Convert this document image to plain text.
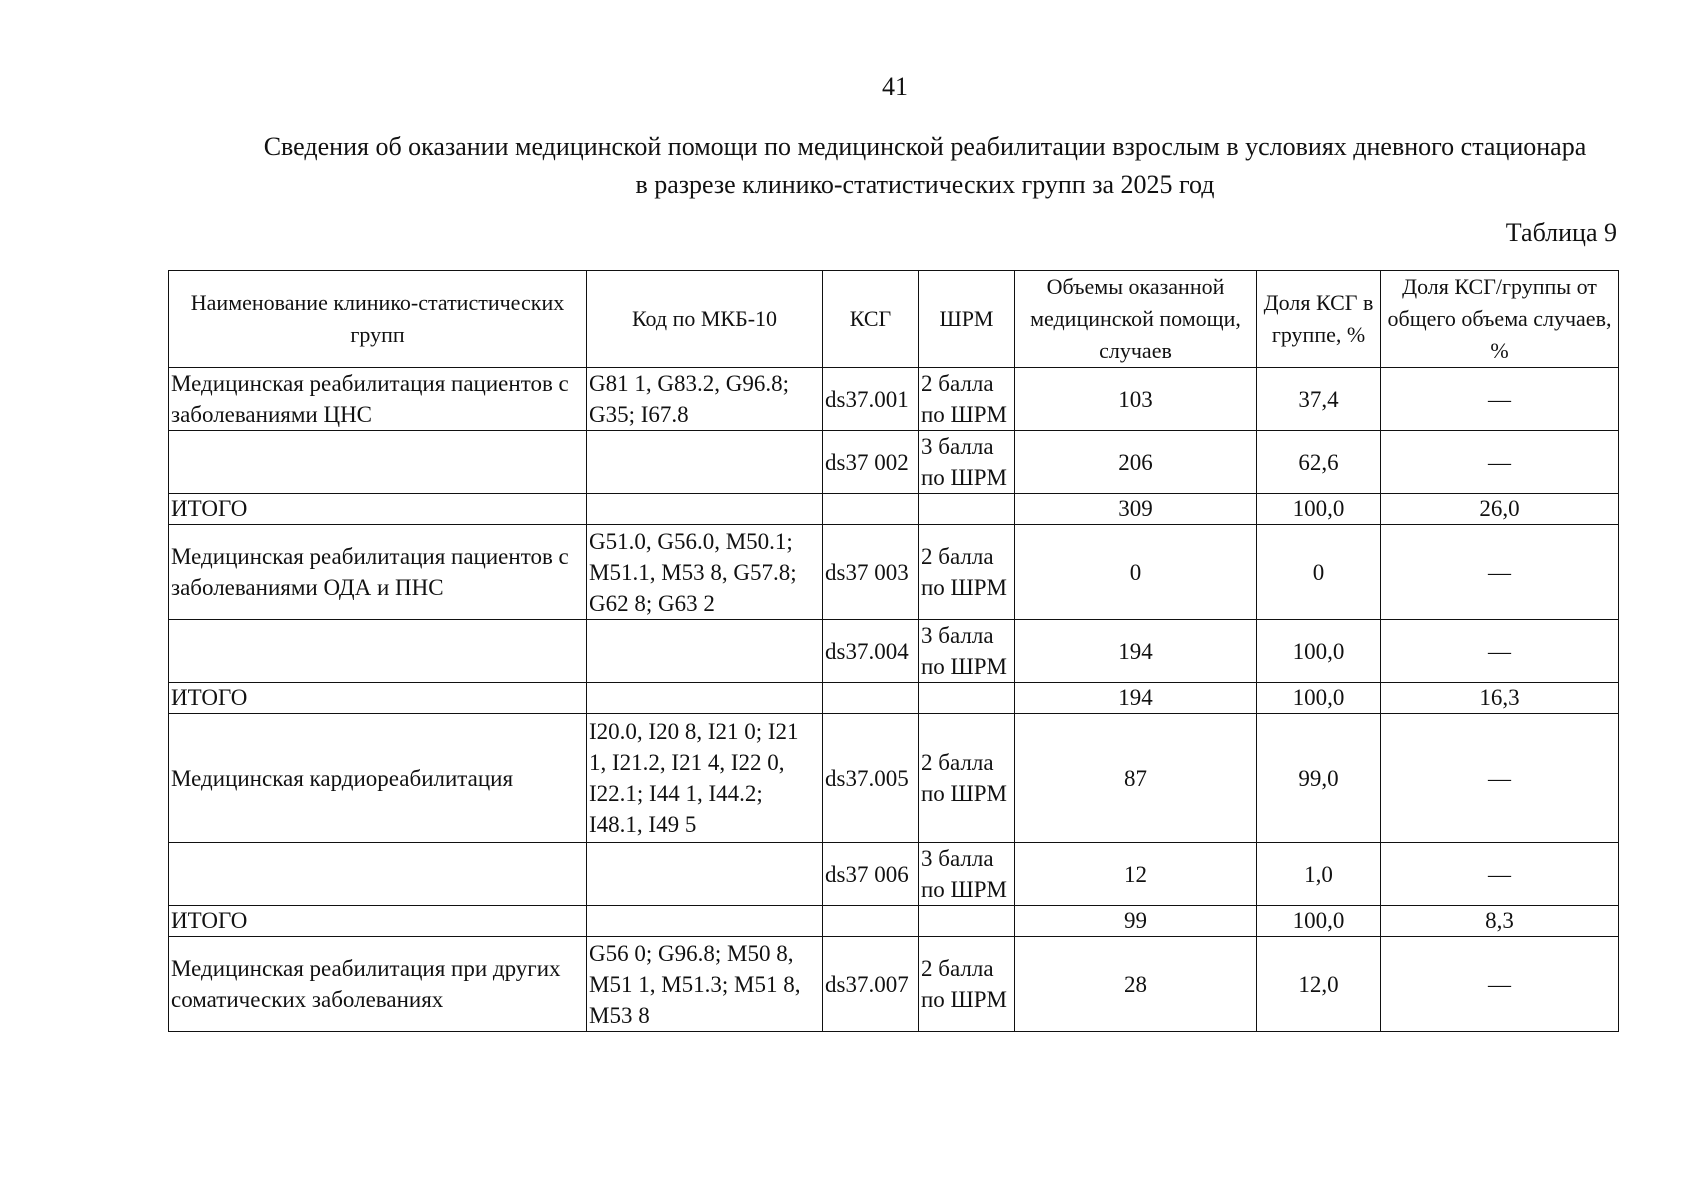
41
Сведения об оказании медицинской помощи по медицинской реабилитации взрослым в условиях дневного стационара в разрезе клинико-статистических групп за 2025 год
Таблица 9
Наименование клинико-статистических групп	Код по МКБ-10	КСГ	ШРМ	Объемы оказанной медицинской помощи, случаев	Доля КСГ в группе, %	Доля КСГ/группы от общего объема случаев, %
Медицинская реабилитация пациентов с заболеваниями ЦНС	G81 1, G83.2, G96.8; G35; I67.8	ds37.001	2 балла по ШРМ	103	37,4	—
		ds37 002	3 балла по ШРМ	206	62,6	—
ИТОГО				309	100,0	26,0
Медицинская реабилитация пациентов с заболеваниями ОДА и ПНС	G51.0, G56.0, M50.1; M51.1, M53 8, G57.8; G62 8; G63 2	ds37 003	2 балла по ШРМ	0	0	—
		ds37.004	3 балла по ШРМ	194	100,0	—
ИТОГО				194	100,0	16,3
Медицинская кардиореабилитация	I20.0, I20 8, I21 0; I21 1, I21.2, I21 4, I22 0, I22.1; I44 1, I44.2; I48.1, I49 5	ds37.005	2 балла по ШРМ	87	99,0	—
		ds37 006	3 балла по ШРМ	12	1,0	—
ИТОГО				99	100,0	8,3
Медицинская реабилитация при других соматических заболеваниях	G56 0; G96.8; M50 8, M51 1, M51.3; M51 8, M53 8	ds37.007	2 балла по ШРМ	28	12,0	—
